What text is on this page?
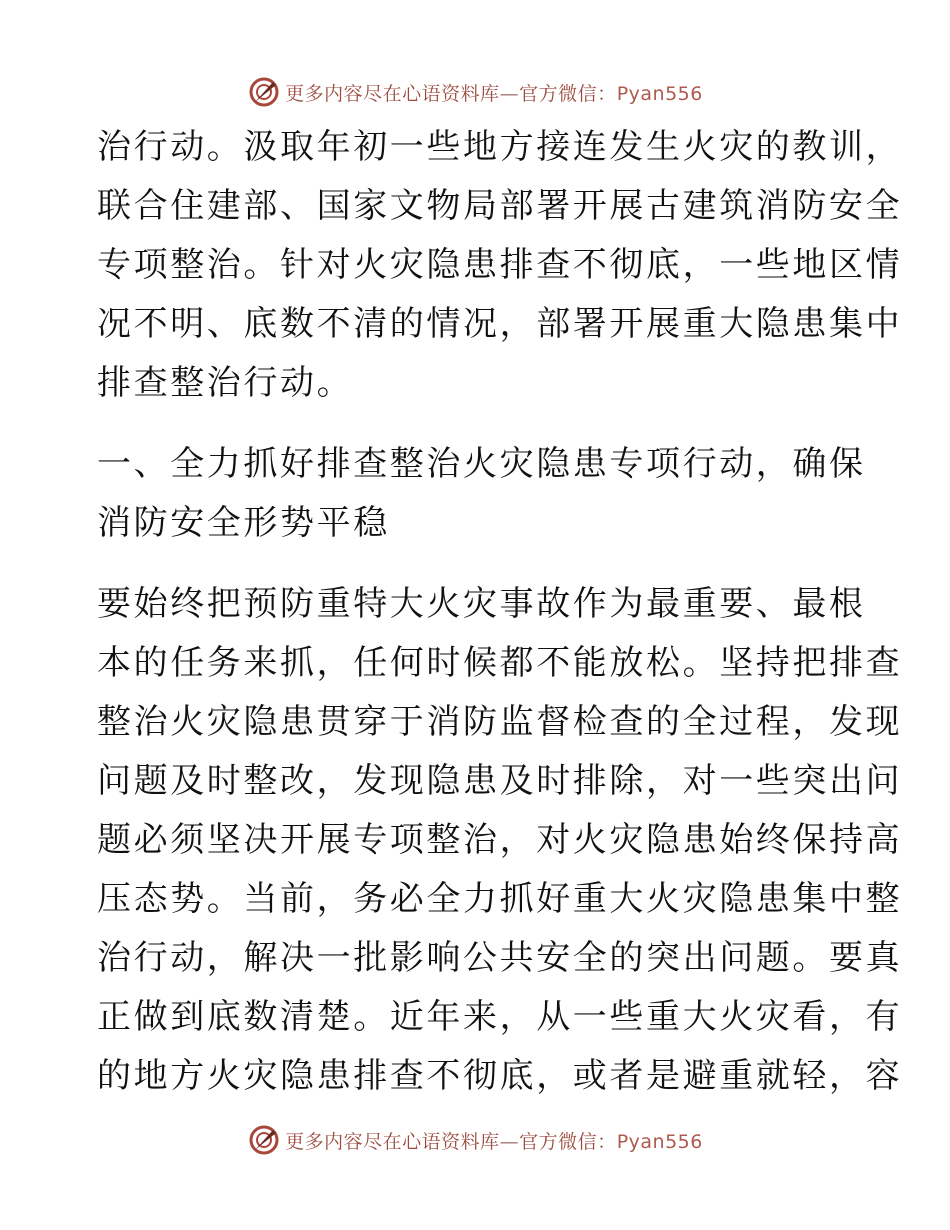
更多内容尽在心语资料库—官方微信：Pyan556
治行动。汲取年初一些地方接连发生火灾的教训，
联合住建部、国家文物局部署开展古建筑消防安全
专项整治。针对火灾隐患排查不彻底，一些地区情
况不明、底数不清的情况，部署开展重大隐患集中
排查整治行动。
一、全力抓好排查整治火灾隐患专项行动，确保
消防安全形势平稳
要始终把预防重特大火灾事故作为最重要、最根
本的任务来抓，任何时候都不能放松。坚持把排查
整治火灾隐患贯穿于消防监督检查的全过程，发现
问题及时整改，发现隐患及时排除，对一些突出问
题必须坚决开展专项整治，对火灾隐患始终保持高
压态势。当前，务必全力抓好重大火灾隐患集中整
治行动，解决一批影响公共安全的突出问题。要真
正做到底数清楚。近年来，从一些重大火灾看，有
的地方火灾隐患排查不彻底，或者是避重就轻，容
更多内容尽在心语资料库—官方微信：Pyan556
